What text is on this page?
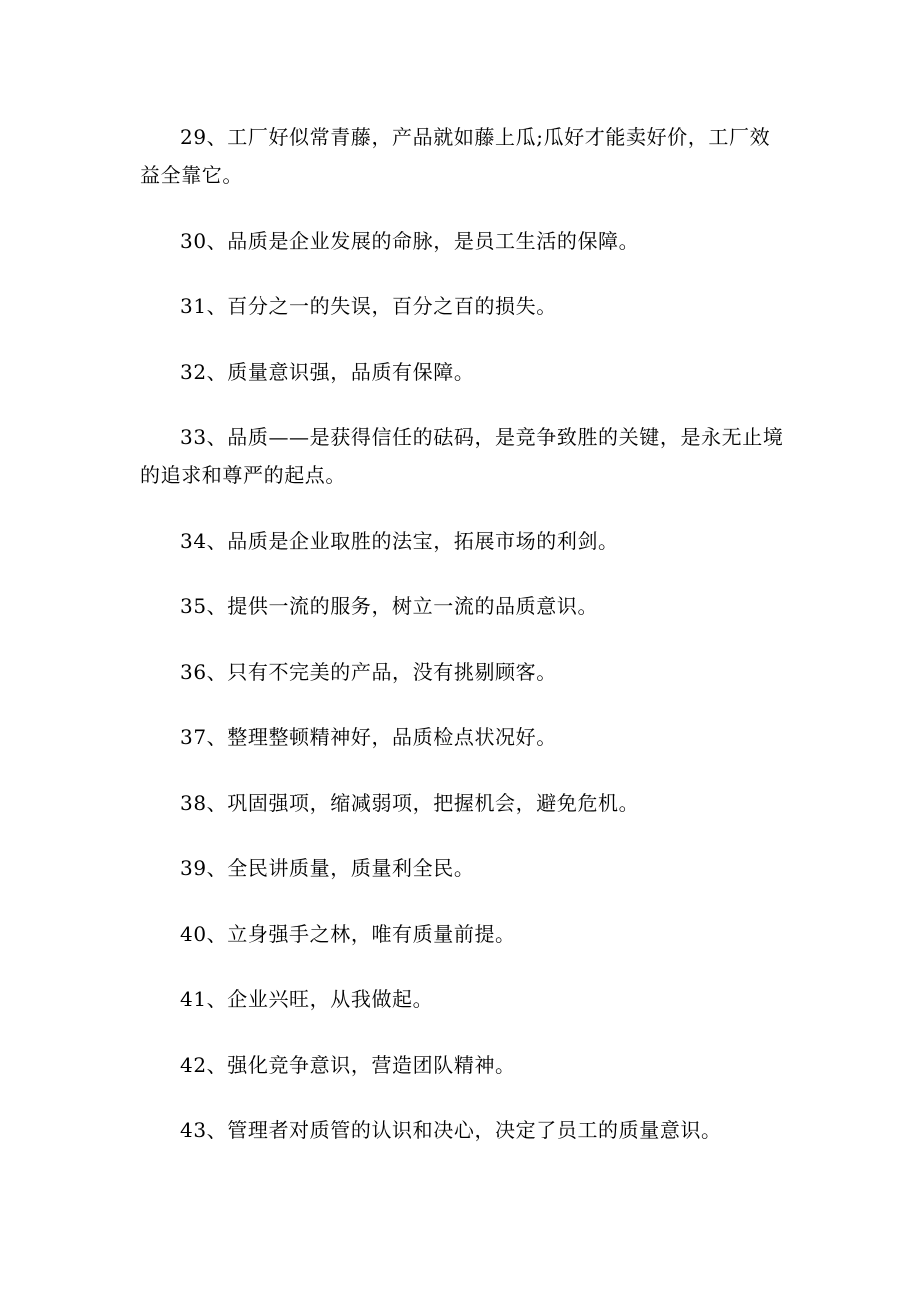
29、工厂好似常青藤，产品就如藤上瓜;瓜好才能卖好价，工厂效益全靠它。
30、品质是企业发展的命脉，是员工生活的保障。
31、百分之一的失误，百分之百的损失。
32、质量意识强，品质有保障。
33、品质——是获得信任的砝码，是竞争致胜的关键，是永无止境的追求和尊严的起点。
34、品质是企业取胜的法宝，拓展市场的利剑。
35、提供一流的服务，树立一流的品质意识。
36、只有不完美的产品，没有挑剔顾客。
37、整理整顿精神好，品质检点状况好。
38、巩固强项，缩减弱项，把握机会，避免危机。
39、全民讲质量，质量利全民。
40、立身强手之林，唯有质量前提。
41、企业兴旺，从我做起。
42、强化竞争意识，营造团队精神。
43、管理者对质管的认识和决心，决定了员工的质量意识。
